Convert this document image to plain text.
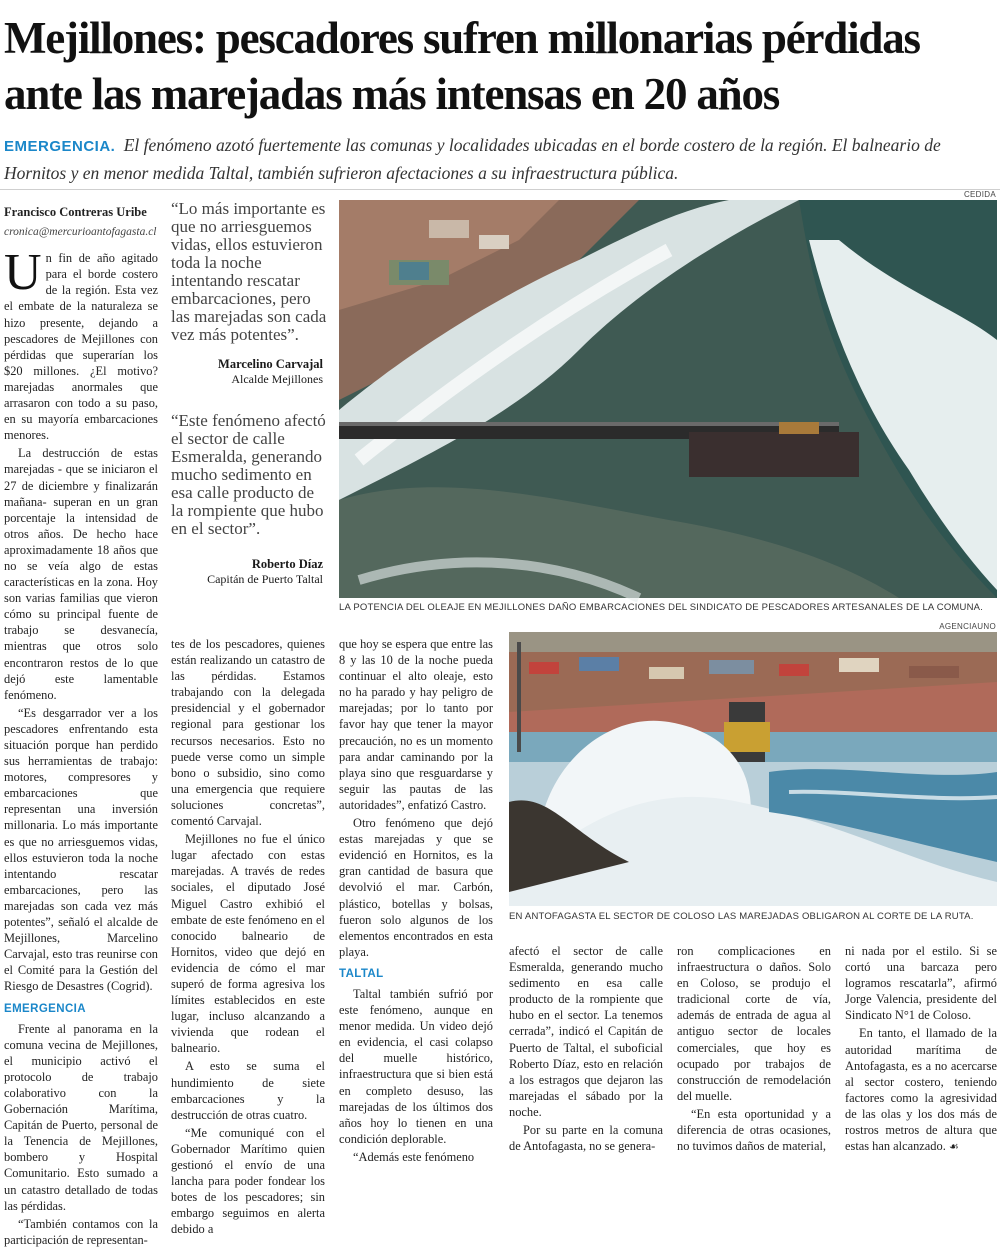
Mejillones: pescadores sufren millonarias pérdidas
ante las marejadas más intensas en 20 años
EMERGENCIA. El fenómeno azotó fuertemente las comunas y localidades ubicadas en el borde costero de la región. El balneario de Hornitos y en menor medida Taltal, también sufrieron afectaciones a su infraestructura pública.
Francisco Contreras Uribe
cronica@mercurioantofagasta.cl

Un fin de año agitado para el borde costero de la región. Esta vez el embate de la naturaleza se hizo presente, dejando a pescadores de Mejillones con pérdidas que superarían los $20 millones. ¿El motivo? marejadas anormales que arrasaron con todo a su paso, en su mayoría embarcaciones menores.

La destrucción de estas marejadas - que se iniciaron el 27 de diciembre y finalizarán mañana- superan en un gran porcentaje la intensidad de otros años. De hecho hace aproximadamente 18 años que no se veía algo de estas características en la zona. Hoy son varias familias que vieron cómo su principal fuente de trabajo se desvanecía, mientras que otros solo encontraron restos de lo que dejó este lamentable fenómeno.

“Es desgarrador ver a los pescadores enfrentando esta situación porque han perdido sus herramientas de trabajo: motores, compresores y embarcaciones que representan una inversión millonaria. Lo más importante es que no arriesguemos vidas, ellos estuvieron toda la noche intentando rescatar embarcaciones, pero las marejadas son cada vez más potentes”, señaló el alcalde de Mejillones, Marcelino Carvajal, esto tras reunirse con el Comité para la Gestión del Riesgo de Desastres (Cogrid).

EMERGENCIA

Frente al panorama en la comuna vecina de Mejillones, el municipio activó el protocolo de trabajo colaborativo con la Gobernación Marítima, Capitán de Puerto, personal de la Tenencia de Mejillones, bombero y Hospital Comunitario. Esto sumado a un catastro detallado de todas las pérdidas.

“También contamos con la participación de representan-

“Lo más importante es que no arriesguemos vidas, ellos estuvieron toda la noche intentando rescatar embarcaciones, pero las marejadas son cada vez más potentes”.
Marcelino Carvajal
Alcalde Mejillones
“Este fenómeno afectó el sector de calle Esmeralda, generando mucho sedimento en esa calle producto de la rompiente que hubo en el sector”.
Roberto Díaz
Capitán de Puerto Taltal
CEDIDA
LA POTENCIA DEL OLEAJE EN MEJILLONES DAÑO EMBARCACIONES DEL SINDICATO DE PESCADORES ARTESANALES DE LA COMUNA.
AGENCIAUNO
EN ANTOFAGASTA EL SECTOR DE COLOSO LAS MAREJADAS OBLIGARON AL CORTE DE LA RUTA.

tes de los pescadores, quienes están realizando un catastro de las pérdidas. Estamos trabajando con la delegada presidencial y el gobernador regional para gestionar los recursos necesarios. Esto no puede verse como un simple bono o subsidio, sino como una emergencia que requiere soluciones concretas”, comentó Carvajal.

Mejillones no fue el único lugar afectado con estas marejadas. A través de redes sociales, el diputado José Miguel Castro exhibió el embate de este fenómeno en el conocido balneario de Hornitos, video que dejó en evidencia de cómo el mar superó de forma agresiva los límites establecidos en este lugar, incluso alcanzando a vivienda que rodean el balneario.

A esto se suma el hundimiento de siete embarcaciones y la destrucción de otras cuatro.

“Me comuniqué con el Gobernador Marítimo quien gestionó el envío de una lancha para poder fondear los botes de los pescadores; sin embargo seguimos en alerta debido a

que hoy se espera que entre las 8 y las 10 de la noche pueda continuar el alto oleaje, esto no ha parado y hay peligro de marejadas; por lo tanto por favor hay que tener la mayor precaución, no es un momento para andar caminando por la playa sino que resguardarse y seguir las pautas de las autoridades”, enfatizó Castro.

Otro fenómeno que dejó estas marejadas y que se evidenció en Hornitos, es la gran cantidad de basura que devolvió el mar. Carbón, plástico, botellas y bolsas, fueron solo algunos de los elementos encontrados en esta playa.

TALTAL

Taltal también sufrió por este fenómeno, aunque en menor medida. Un video dejó en evidencia, el casi colapso del muelle histórico, infraestructura que si bien está en completo desuso, las marejadas de los últimos dos años hoy lo tienen en una condición deplorable.

“Además este fenómeno

afectó el sector de calle Esmeralda, generando mucho sedimento en esa calle producto de la rompiente que hubo en el sector. La tenemos cerrada”, indicó el Capitán de Puerto de Taltal, el suboficial Roberto Díaz, esto en relación a los estragos que dejaron las marejadas el sábado por la noche.

Por su parte en la comuna de Antofagasta, no se genera-

ron complicaciones en infraestructura o daños. Solo en Coloso, se produjo el tradicional corte de vía, además de entrada de agua al antiguo sector de locales comerciales, que hoy es ocupado por trabajos de construcción de remodelación del muelle.

“En esta oportunidad y a diferencia de otras ocasiones, no tuvimos daños de material,

ni nada por el estilo. Si se cortó una barcaza pero logramos rescatarla”, afirmó Jorge Valencia, presidente del Sindicato N°1 de Coloso.

En tanto, el llamado de la autoridad marítima de Antofagasta, es a no acercarse al sector costero, teniendo factores como la agresividad de las olas y los dos más de rostros metros de altura que estas han alcanzado. ☙
